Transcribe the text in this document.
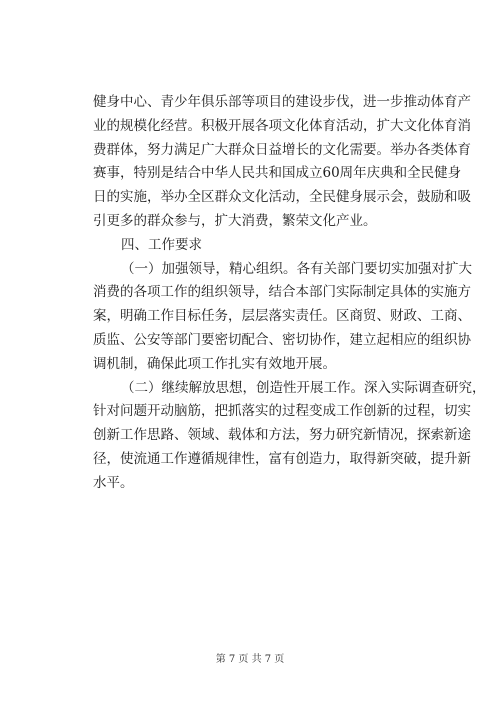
健身中心、青少年俱乐部等项目的建设步伐，进一步推动体育产
业的规模化经营。积极开展各项文化体育活动，扩大文化体育消
费群体，努力满足广大群众日益增长的文化需要。举办各类体育
赛事，特别是结合中华人民共和国成立60周年庆典和全民健身
日的实施，举办全区群众文化活动，全民健身展示会，鼓励和吸
引更多的群众参与，扩大消费，繁荣文化产业。
四、工作要求
（一）加强领导，精心组织。各有关部门要切实加强对扩大
消费的各项工作的组织领导，结合本部门实际制定具体的实施方
案，明确工作目标任务，层层落实责任。区商贸、财政、工商、
质监、公安等部门要密切配合、密切协作，建立起相应的组织协
调机制，确保此项工作扎实有效地开展。
（二）继续解放思想，创造性开展工作。深入实际调查研究，
针对问题开动脑筋，把抓落实的过程变成工作创新的过程，切实
创新工作思路、领域、载体和方法，努力研究新情况，探索新途
径，使流通工作遵循规律性，富有创造力，取得新突破，提升新
水平。
第 7 页 共 7 页
